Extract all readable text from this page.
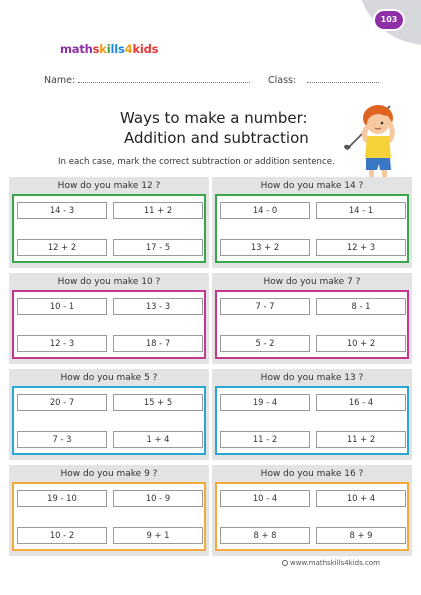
103
mathskills4kids
Name:	Class:
Ways to make a number:
Addition and subtraction
In each case, mark the correct subtraction or addition sentence.
How do you make 12 ?
14 - 3	11 + 2
12 + 2	17 - 5
How do you make 14 ?
14 - 0	14 - 1
13 + 2	12 + 3
How do you make 10 ?
10 - 1	13 - 3
12 - 3	18 - 7
How do you make 7 ?
7 - 7	8 - 1
5 - 2	10 + 2
How do you make 5 ?
20 - 7	15 + 5
7 - 3	1 + 4
How do you make 13 ?
19 - 4	16 - 4
11 - 2	11 + 2
How do you make 9 ?
19 - 10	10 - 9
10 - 2	9 + 1
How do you make 16 ?
10 - 4	10 + 4
8 + 8	8 + 9
www.mathskills4kids.com
